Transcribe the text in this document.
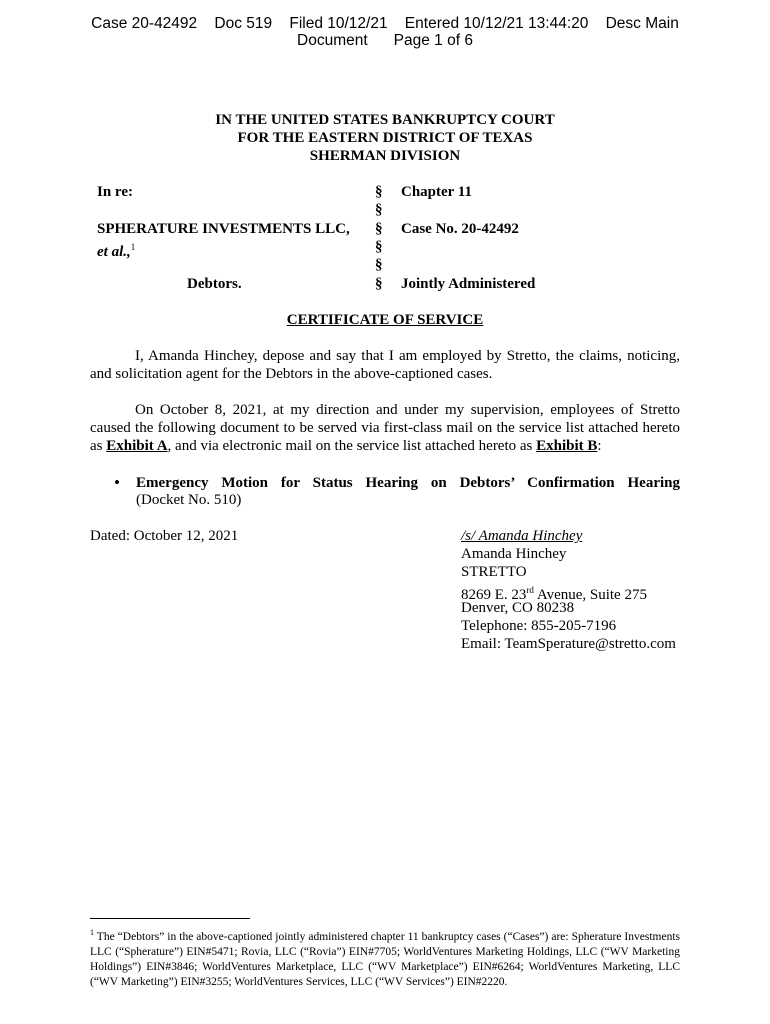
Case 20-42492    Doc 519    Filed 10/12/21    Entered 10/12/21 13:44:20    Desc Main
Document Page 1 of 6
IN THE UNITED STATES BANKRUPTCY COURT
FOR THE EASTERN DISTRICT OF TEXAS
SHERMAN DIVISION
In re:
SPHERATURE INVESTMENTS LLC,
et al.,$^1$
Debtors.
§
§
§
§
§
§
Chapter 11
Case No. 20-42492
Jointly Administered
CERTIFICATE OF SERVICE
I, Amanda Hinchey, depose and say that I am employed by Stretto, the claims, noticing, and solicitation agent for the Debtors in the above-captioned cases.
On October 8, 2021, at my direction and under my supervision, employees of Stretto caused the following document to be served via first-class mail on the service list attached hereto as Exhibit A, and via electronic mail on the service list attached hereto as Exhibit B:
• Emergency Motion for Status Hearing on Debtors’ Confirmation Hearing
(Docket No. 510)
Dated: October 12, 2021	/s/ Amanda Hinchey
Amanda Hinchey
STRETTO
8269 E. 23rd Avenue, Suite 275
Denver, CO 80238
Telephone: 855-205-7196
Email: TeamSperature@stretto.com
$^1$ The “Debtors” in the above-captioned jointly administered chapter 11 bankruptcy cases (“Cases”) are: Spherature Investments LLC (“Spherature”) EIN#5471; Rovia, LLC (“Rovia”) EIN#7705; WorldVentures Marketing Holdings, LLC (“WV Marketing Holdings”) EIN#3846; WorldVentures Marketplace, LLC (“WV Marketplace”) EIN#6264; WorldVentures Marketing, LLC (“WV Marketing”) EIN#3255; WorldVentures Services, LLC (“WV Services”) EIN#2220.
